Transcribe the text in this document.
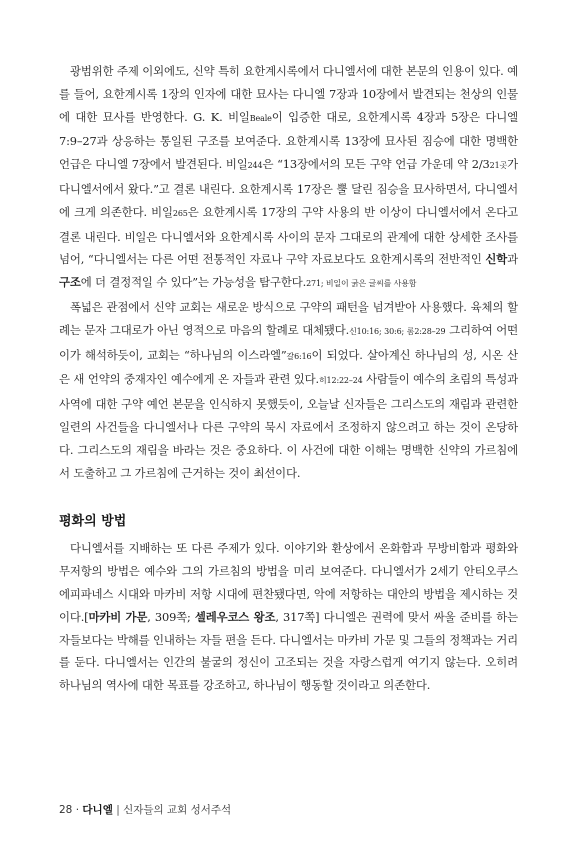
광범위한 주제 이외에도, 신약 특히 요한계시록에서 다니엘서에 대한 본문의 인용이 있다. 예를 들어, 요한계시록 1장의 인자에 대한 묘사는 다니엘 7장과 10장에서 발견되는 천상의 인물에 대한 묘사를 반영한다. G. K. 비일Beale이 입증한 대로, 요한계시록 4장과 5장은 다니엘 7:9–27과 상응하는 통일된 구조를 보여준다. 요한계시록 13장에 묘사된 짐승에 대한 명백한 언급은 다니엘 7장에서 발견된다. 비일244은 “13장에서의 모든 구약 언급 가운데 약 2/321곳가 다니엘서에서 왔다.”고 결론 내린다. 요한계시록 17장은 뿔 달린 짐승을 묘사하면서, 다니엘서에 크게 의존한다. 비일265은 요한계시록 17장의 구약 사용의 반 이상이 다니엘서에서 온다고 결론 내린다. 비일은 다니엘서와 요한계시록 사이의 문자 그대로의 관계에 대한 상세한 조사를 넘어, “다니엘서는 다른 어떤 전통적인 자료나 구약 자료보다도 요한계시록의 전반적인 신학과 구조에 더 결정적일 수 있다”는 가능성을 탐구한다.271; 비일이 굵은 글씨를 사용함

폭넓은 관점에서 신약 교회는 새로운 방식으로 구약의 패턴을 넘겨받아 사용했다. 육체의 할례는 문자 그대로가 아닌 영적으로 마음의 할례로 대체됐다.신10:16; 30:6; 롬2:28–29 그리하여 어떤 이가 해석하듯이, 교회는 “하나님의 이스라엘”갈6:16이 되었다. 살아계신 하나님의 성, 시온 산은 새 언약의 중재자인 예수에게 온 자들과 관련 있다.히12:22–24 사람들이 예수의 초림의 특성과 사역에 대한 구약 예언 본문을 인식하지 못했듯이, 오늘날 신자들은 그리스도의 재림과 관련한 일련의 사건들을 다니엘서나 다른 구약의 묵시 자료에서 조정하지 않으려고 하는 것이 온당하다. 그리스도의 재림을 바라는 것은 중요하다. 이 사건에 대한 이해는 명백한 신약의 가르침에서 도출하고 그 가르침에 근거하는 것이 최선이다.

평화의 방법

다니엘서를 지배하는 또 다른 주제가 있다. 이야기와 환상에서 온화함과 무방비함과 평화와 무저항의 방법은 예수와 그의 가르침의 방법을 미리 보여준다. 다니엘서가 2세기 안티오쿠스 에피파네스 시대와 마카비 저항 시대에 편찬됐다면, 악에 저항하는 대안의 방법을 제시하는 것이다.[마카비 가문, 309쪽; 셀레우코스 왕조, 317쪽] 다니엘은 권력에 맞서 싸울 준비를 하는 자들보다는 박해를 인내하는 자들 편을 든다. 다니엘서는 마카비 가문 및 그들의 정책과는 거리를 둔다. 다니엘서는 인간의 불굴의 정신이 고조되는 것을 자랑스럽게 여기지 않는다. 오히려 하나님의 역사에 대한 목표를 강조하고, 하나님이 행동할 것이라고 의존한다.

28 · 다니엘 | 신자들의 교회 성서주석
